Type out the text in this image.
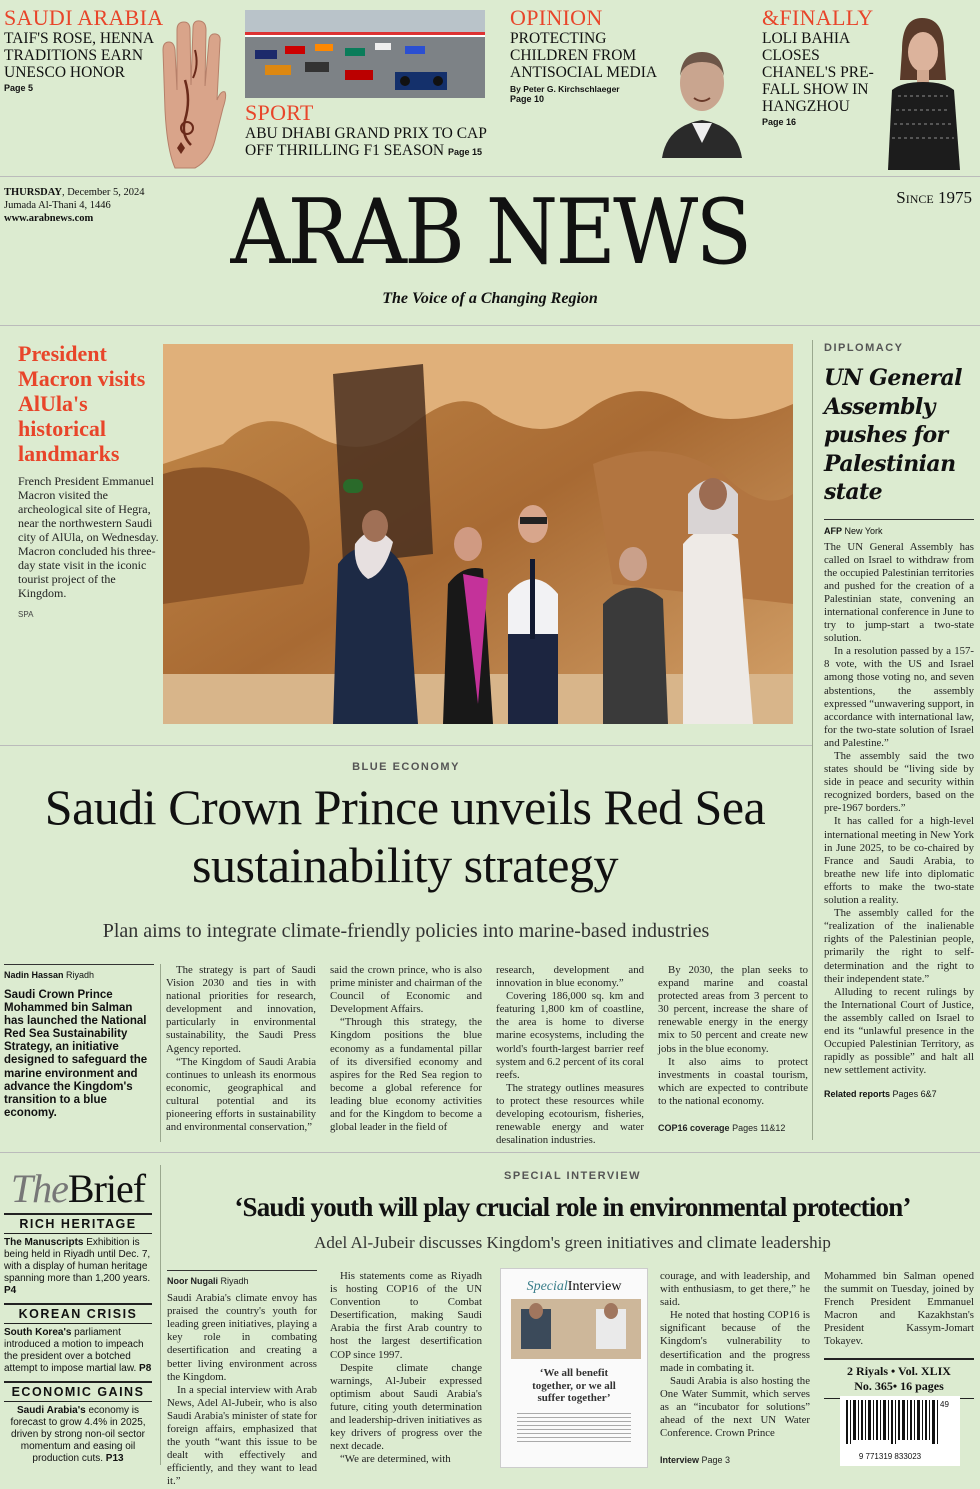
SAUDI ARABIA
TAIF'S ROSE, HENNA TRADITIONS EARN UNESCO HONOR
Page 5
SPORT
ABU DHABI GRAND PRIX TO CAP OFF THRILLING F1 SEASON Page 15
OPINION
PROTECTING CHILDREN FROM ANTISOCIAL MEDIA
By Peter G. Kirchschlaeger
Page 10
&FINALLY
LOLI BAHIA CLOSES CHANEL'S PRE-FALL SHOW IN HANGZHOU
Page 16
THURSDAY, December 5, 2024
Jumada Al-Thani 4, 1446
www.arabnews.com	ARAB NEWS
The Voice of a Changing Region
Since 1975
President Macron visits AlUla's historical landmarks
French President Emmanuel Macron visited the archeological site of Hegra, near the northwestern Saudi city of AlUla, on Wednesday. Macron concluded his three-day state visit in the iconic tourist project of the Kingdom.
SPA
DIPLOMACY
UN General Assembly pushes for Palestinian state
AFP New York

The UN General Assembly has called on Israel to withdraw from the occupied Palestinian territories and pushed for the creation of a Palestinian state, convening an international conference in June to try to jump-start a two-state solution.

In a resolution passed by a 157-8 vote, with the US and Israel among those voting no, and seven abstentions, the assembly expressed “unwavering support, in accordance with international law, for the two-state solution of Israel and Palestine.”

The assembly said the two states should be “living side by side in peace and security within recognized borders, based on the pre-1967 borders.”

It has called for a high-level international meeting in New York in June 2025, to be co-chaired by France and Saudi Arabia, to breathe new life into diplomatic efforts to make the two-state solution a reality.

The assembly called for the “realization of the inalienable rights of the Palestinian people, primarily the right to self-determination and the right to their independent state.”

Alluding to recent rulings by the International Court of Justice, the assembly called on Israel to end its “unlawful presence in the Occupied Palestinian Territory, as rapidly as possible” and halt all new settlement activity.

Related reports Pages 6&7
BLUE ECONOMY
Saudi Crown Prince unveils Red Sea sustainability strategy
Plan aims to integrate climate-friendly policies into marine-based industries
Nadin Hassan Riyadh
Saudi Crown Prince Mohammed bin Salman has launched the National Red Sea Sustainability Strategy, an initiative designed to safeguard the marine environment and advance the Kingdom's transition to a blue economy.

The strategy is part of Saudi Vision 2030 and ties in with national priorities for research, development and innovation, particularly in environmental sustainability, the Saudi Press Agency reported.

“The Kingdom of Saudi Arabia continues to unleash its enormous economic, geographical and cultural potential and its pioneering efforts in sustainability and environmental conservation,”

said the crown prince, who is also prime minister and chairman of the Council of Economic and Development Affairs.

“Through this strategy, the Kingdom positions the blue economy as a fundamental pillar of its diversified economy and aspires for the Red Sea region to become a global reference for leading blue economy activities and for the Kingdom to become a global leader in the field of

research, development and innovation in blue economy.”

Covering 186,000 sq. km and featuring 1,800 km of coastline, the area is home to diverse marine ecosystems, including the world's fourth-largest barrier reef system and 6.2 percent of its coral reefs.

The strategy outlines measures to protect these resources while developing ecotourism, fisheries, renewable energy and water desalination industries.

By 2030, the plan seeks to expand marine and coastal protected areas from 3 percent to 30 percent, increase the share of renewable energy in the energy mix to 50 percent and create new jobs in the blue economy.

It also aims to protect investments in coastal tourism, which are expected to contribute to the national economy.

COP16 coverage Pages 11&12
TheBrief
RICH HERITAGE
The Manuscripts Exhibition is being held in Riyadh until Dec. 7, with a display of human heritage spanning more than 1,200 years. P4
KOREAN CRISIS
South Korea's parliament introduced a motion to impeach the president over a botched attempt to impose martial law. P8
ECONOMIC GAINS
Saudi Arabia's economy is forecast to grow 4.4% in 2025, driven by strong non-oil sector momentum and easing oil production cuts. P13
SPECIAL INTERVIEW
‘Saudi youth will play crucial role in environmental protection’
Adel Al-Jubeir discusses Kingdom's green initiatives and climate leadership
Noor Nugali Riyadh

Saudi Arabia's climate envoy has praised the country's youth for leading green initiatives, playing a key role in combating desertification and creating a better living environment across the Kingdom.

In a special interview with Arab News, Adel Al-Jubeir, who is also Saudi Arabia's minister of state for foreign affairs, emphasized that the youth “want this issue to be dealt with effectively and efficiently, and they want to lead it.”

His statements come as Riyadh is hosting COP16 of the UN Convention to Combat Desertification, making Saudi Arabia the first Arab country to host the largest desertification COP since 1997.

Despite climate change warnings, Al-Jubeir expressed optimism about Saudi Arabia's future, citing youth determination and leadership-driven initiatives as key drivers of progress over the next decade.

“We are determined, with

SpecialInterview
‘We all benefit together, or we all suffer together’

courage, and with leadership, and with enthusiasm, to get there,” he said.

He noted that hosting COP16 is significant because of the Kingdom's vulnerability to desertification and the progress made in combating it.

Saudi Arabia is also hosting the One Water Summit, which serves as an “incubator for solutions” ahead of the next UN Water Conference. Crown Prince

Interview Page 3

Mohammed bin Salman opened the summit on Tuesday, joined by French President Emmanuel Macron and Kazakhstan's President Kassym-Jomart Tokayev.

2 Riyals • Vol. XLIX
No. 365• 16 pages
9 771319 833023
49
